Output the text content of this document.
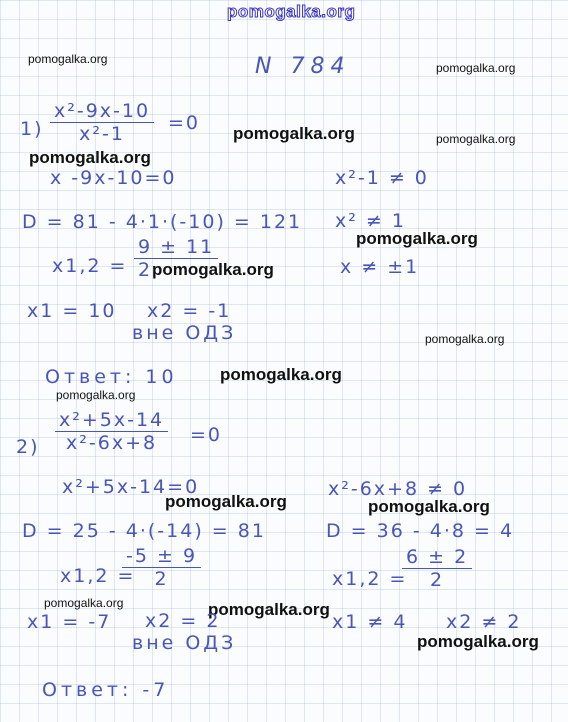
pomogalka.org
pomogalka.org
pomogalka.org
pomogalka.org	pomogalka.org
pomogalka.org
pomogalka.org
pomogalka.org
pomogalka.org
pomogalka.org
pomogalka.org
pomogalka.org	pomogalka.org
pomogalka.org	pomogalka.org
pomogalka.org
N 784
$1) \frac{\text{x²-9x-10}}{\text{x²-1}} =0$
x -9x-10=0	x²-1 ≠ 0
D = 81 - 4·1·(-10) = 121 x² ≠ 1
$x1,2 = \frac{9 \pm 11}{2}$	x ≠ ±1
x1 = 10 x2 = -1
вне ОДЗ
Ответ: 10
$2) \frac{\text{x²+5x-14}}{\text{x²-6x+8}} =0$
x²+5x-14=0	x²-6x+8 ≠ 0
D = 25 - 4·(-14) = 81	D = 36 - 4·8 = 4
x1,2 =
$\frac{-5 \pm 9}{2}$	x1,2 =
$\frac{6 \pm 2}{2}$
x1 = -7 x2 = 2	x1 ≠ 4 x2 ≠ 2
вне ОДЗ
Ответ: -7
